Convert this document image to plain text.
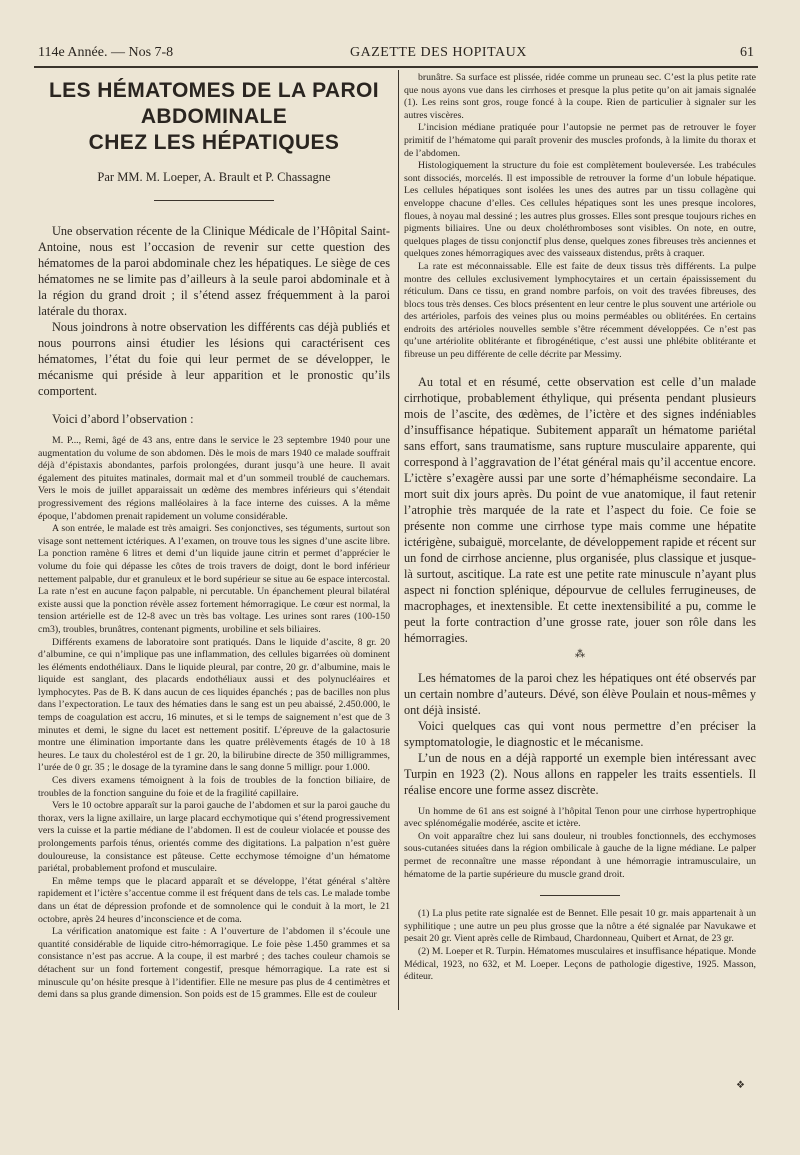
114e Année. — Nos 7-8	GAZETTE DES HOPITAUX	61
LES HÉMATOMES DE LA PAROI ABDOMINALE
CHEZ LES HÉPATIQUES
Par MM. M. Loeper, A. Brault et P. Chassagne

Une observation récente de la Clinique Médicale de l’Hôpital Saint-Antoine, nous est l’occasion de revenir sur cette question des hématomes de la paroi abdominale chez les hépatiques. Le siège de ces hématomes ne se limite pas d’ailleurs à la seule paroi abdominale et à la région du grand droit ; il s’étend assez fréquemment à la paroi latérale du thorax.

Nous joindrons à notre observation les différents cas déjà publiés et nous pourrons ainsi étudier les lésions qui caractérisent ces hématomes, l’état du foie qui leur permet de se développer, le mécanisme qui préside à leur apparition et le pronostic qu’ils comportent.

Voici d’abord l’observation :

M. P..., Remi, âgé de 43 ans, entre dans le service le 23 septembre 1940 pour une augmentation du volume de son abdomen. Dès le mois de mars 1940 ce malade souffrait déjà d’épistaxis abondantes, parfois prolongées, durant jusqu’à une heure. Il avait également des pituites matinales, dormait mal et d’un sommeil troublé de cauchemars. Vers le mois de juillet apparaissait un œdème des membres inférieurs qui s’étendait progressivement des régions malléolaires à la face interne des cuisses. A la même époque, l’abdomen prenait rapidement un volume considérable.

A son entrée, le malade est très amaigri. Ses conjonctives, ses téguments, surtout son visage sont nettement ictériques. A l’examen, on trouve tous les signes d’une ascite libre. La ponction ramène 6 litres et demi d’un liquide jaune citrin et permet d’apprécier le volume du foie qui dépasse les côtes de trois travers de doigt, dont le bord inférieur nettement palpable, dur et granuleux et le bord supérieur se situe au 6e espace intercostal. La rate n’est en aucune façon palpable, ni percutable. Un épanchement pleural bilatéral existe aussi que la ponction révèle assez fortement hémorragique. Le cœur est normal, la tension artérielle est de 12-8 avec un très bas voltage. Les urines sont rares (100-150 cm3), troubles, brunâtres, contenant pigments, urobiline et sels biliaires.

Différents examens de laboratoire sont pratiqués. Dans le liquide d’ascite, 8 gr. 20 d’albumine, ce qui n’implique pas une inflammation, des cellules bigarrées où dominent les éléments endothéliaux. Dans le liquide pleural, par contre, 20 gr. d’albumine, mais le liquide est sanglant, des placards endothéliaux aussi et des polynucléaires et lymphocytes. Pas de B. K dans aucun de ces liquides épanchés ; pas de bacilles non plus dans l’expectoration. Le taux des hématies dans le sang est un peu abaissé, 2.450.000, le temps de coagulation est accru, 16 minutes, et si le temps de saignement n’est que de 3 minutes et demi, le signe du lacet est nettement positif. L’épreuve de la galactosurie montre une élimination importante dans les quatre prélèvements étagés de 10 à 18 heures. Le taux du cholestérol est de 1 gr. 20, la bilirubine directe de 350 milligrammes, l’urée de 0 gr. 35 ; le dosage de la tyramine dans le sang donne 5 milligr. pour 1.000.

Ces divers examens témoignent à la fois de troubles de la fonction biliaire, de troubles de la fonction sanguine du foie et de la fragilité capillaire.

Vers le 10 octobre apparaît sur la paroi gauche de l’abdomen et sur la paroi gauche du thorax, vers la ligne axillaire, un large placard ecchymotique qui s’étend progressivement vers la cuisse et la partie médiane de l’abdomen. Il est de couleur violacée et pousse des prolongements parfois ténus, orientés comme des digitations. La palpation n’est guère douloureuse, la consistance est pâteuse. Cette ecchymose témoigne d’un hématome pariétal, probablement profond et musculaire.

En même temps que le placard apparaît et se développe, l’état général s’altère rapidement et l’ictère s’accentue comme il est fréquent dans de tels cas. Le malade tombe dans un état de dépression profonde et de somnolence qui le conduit à la mort, le 21 octobre, après 24 heures d’inconscience et de coma.

La vérification anatomique est faite : A l’ouverture de l’abdomen il s’écoule une quantité considérable de liquide citro-hémorragique. Le foie pèse 1.450 grammes et sa consistance n’est pas accrue. A la coupe, il est marbré ; des taches couleur chamois se détachent sur un fond fortement congestif, presque hémorragique. La rate est si minuscule qu’on hésite presque à l’identifier. Elle ne mesure pas plus de 4 centimètres et demi dans sa plus grande dimension. Son poids est de 15 grammes. Elle est de couleur

brunâtre. Sa surface est plissée, ridée comme un pruneau sec. C’est la plus petite rate que nous ayons vue dans les cirrhoses et presque la plus petite qu’on ait jamais signalée (1). Les reins sont gros, rouge foncé à la coupe. Rien de particulier à signaler sur les autres viscères.

L’incision médiane pratiquée pour l’autopsie ne permet pas de retrouver le foyer primitif de l’hématome qui paraît provenir des muscles profonds, à la limite du thorax et de l’abdomen.

Histologiquement la structure du foie est complètement bouleversée. Les trabécules sont dissociés, morcelés. Il est impossible de retrouver la forme d’un lobule hépatique. Les cellules hépatiques sont isolées les unes des autres par un tissu collagène qui enveloppe chacune d’elles. Ces cellules hépatiques sont les unes presque incolores, floues, à noyau mal dessiné ; les autres plus grosses. Elles sont presque toujours riches en pigments biliaires. Une ou deux choléthromboses sont visibles. On note, en outre, quelques plages de tissu conjonctif plus dense, quelques zones fibreuses très anciennes et quelques zones hémorragiques avec des vaisseaux distendus, prêts à craquer.

La rate est méconnaissable. Elle est faite de deux tissus très différents. La pulpe montre des cellules exclusivement lymphocytaires et un certain épaississement du réticulum. Dans ce tissu, en grand nombre parfois, on voit des travées fibreuses, des blocs tous très denses. Ces blocs présentent en leur centre le plus souvent une artériole ou des artérioles, parfois des veines plus ou moins perméables ou oblitérées. En certains endroits des artérioles nouvelles semble s’être récemment développées. Ce n’est pas qu’une artériolite oblitérante et fibrogénétique, c’est aussi une phlébite oblitérante et fibreuse un peu différente de celle décrite par Messimy.

Au total et en résumé, cette observation est celle d’un malade cirrhotique, probablement éthylique, qui présenta pendant plusieurs mois de l’ascite, des œdèmes, de l’ictère et des signes indéniables d’insuffisance hépatique. Subitement apparaît un hématome pariétal sans effort, sans traumatisme, sans rupture musculaire apparente, qui correspond à l’aggravation de l’état général mais qu’il accentue encore. L’ictère s’exagère aussi par une sorte d’hémaphéisme secondaire. La mort suit dix jours après. Du point de vue anatomique, il faut retenir l’atrophie très marquée de la rate et l’aspect du foie. Ce foie se présente non comme une cirrhose type mais comme une hépatite ictérigène, subaiguë, morcelante, de développement rapide et récent sur un fond de cirrhose ancienne, plus organisée, plus classique et jusque-là surtout, ascitique. La rate est une petite rate minuscule n’ayant plus aspect ni fonction splénique, dépourvue de cellules ferrugineuses, de macrophages, et inextensible. Et cette inextensibilité a pu, comme le peut la forte contraction d’une grosse rate, jouer son rôle dans les hémorragies.

⁂

Les hématomes de la paroi chez les hépatiques ont été observés par un certain nombre d’auteurs. Dévé, son élève Poulain et nous-mêmes y ont déjà insisté.

Voici quelques cas qui vont nous permettre d’en préciser la symptomatologie, le diagnostic et le mécanisme.

L’un de nous en a déjà rapporté un exemple bien intéressant avec Turpin en 1923 (2). Nous allons en rappeler les traits essentiels. Il réalise encore une forme assez discrète.

Un homme de 61 ans est soigné à l’hôpital Tenon pour une cirrhose hypertrophique avec splénomégalie modérée, ascite et ictère.

On voit apparaître chez lui sans douleur, ni troubles fonctionnels, des ecchymoses sous-cutanées situées dans la région ombilicale à gauche de la ligne médiane. Le palper permet de reconnaître une masse répondant à une hémorragie intramusculaire, un hématome de la partie supérieure du muscle grand droit.

(1) La plus petite rate signalée est de Bennet. Elle pesait 10 gr. mais appartenait à un syphilitique ; une autre un peu plus grosse que la nôtre a été signalée par Navukawe et pesait 20 gr. Vient après celle de Rimbaud, Chardonneau, Quibert et Arnat, de 23 gr.

(2) M. Loeper et R. Turpin. Hématomes musculaires et insuffisance hépatique. Monde Médical, 1923, no 632, et M. Loeper. Leçons de pathologie digestive, 1925. Masson, éditeur.

❖
